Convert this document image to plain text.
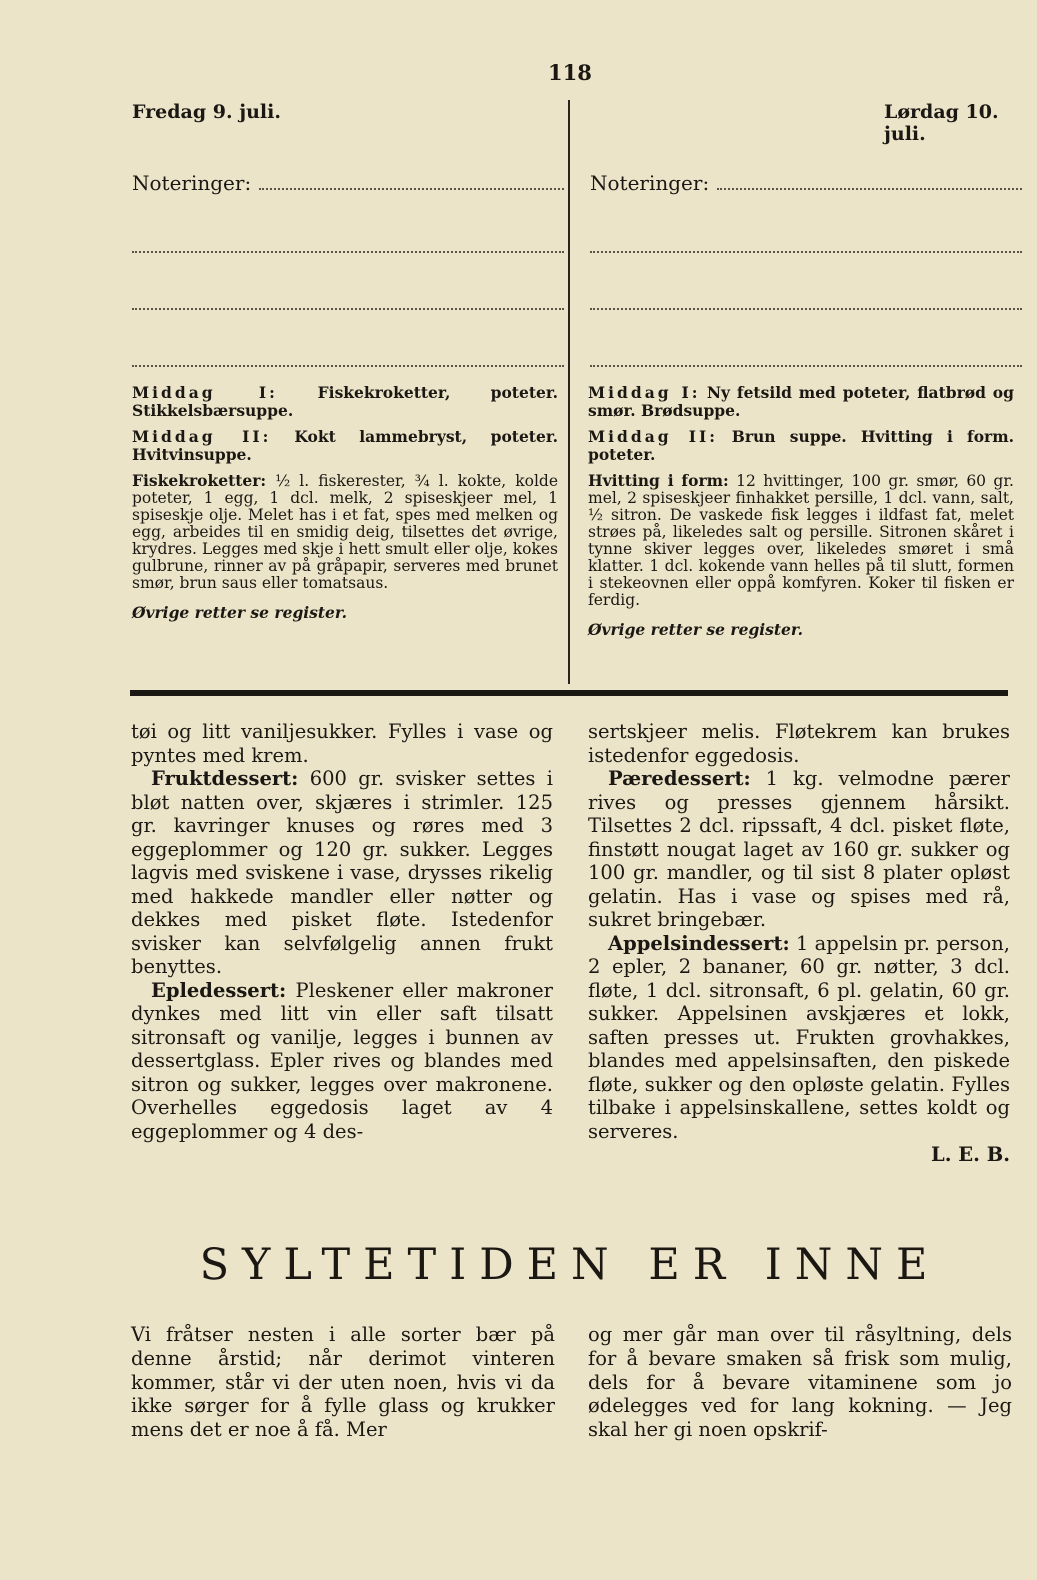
118
Fredag 9. juli.	Lørdag 10. juli.
Noteringer:	Noteringer:

Middag I:	Fiskekroketter, poteter. Stikkelsbærsuppe.

Middag II: Kokt lammebryst, poteter. Hvitvinsuppe.

Fiskekroketter: ½ l. fiskerester, ¾ l. kokte, kolde poteter, 1 egg, 1 dcl. melk, 2 spiseskjeer mel, 1 spiseskje olje. Melet has i et fat, spes med melken og egg, arbeides til en smidig deig, tilsettes det øvrige, krydres. Legges med skje i hett smult eller olje, kokes gulbrune, rinner av på gråpapir, serveres med brunet smør, brun saus eller tomatsaus.

Øvrige retter se register.

Middag I: Ny fetsild med poteter, flatbrød og smør. Brødsuppe.

Middag II: Brun suppe. Hvitting i form. poteter.

Hvitting i form: 12 hvittinger, 100 gr. smør, 60 gr. mel, 2 spiseskjeer finhakket persille, 1 dcl. vann, salt, ½ sitron. De vaskede fisk legges i ildfast fat, melet strøes på, likeledes salt og persille. Sitronen skåret i tynne skiver legges over, likeledes smøret i små klatter. 1 dcl. kokende vann helles på til slutt, formen i stekeovnen eller oppå komfyren. Koker til fisken er ferdig.

Øvrige retter se register.

tøi og litt vaniljesukker. Fylles i vase og pyntes med krem.

Fruktdessert: 600 gr. svisker settes i bløt natten over, skjæres i strimler. 125 gr. kavringer knuses og røres med 3 eggeplommer og 120 gr. sukker. Legges lagvis med sviskene i vase, drysses rikelig med hakkede mandler eller nøtter og dekkes med pisket fløte. Istedenfor svisker kan selvfølgelig annen frukt benyttes.

Epledessert: Pleskener eller makroner dynkes med litt vin eller saft tilsatt sitronsaft og vanilje, legges i bunnen av dessertglass. Epler rives og blandes med sitron og sukker, legges over makronene. Overhelles eggedosis laget av 4 eggeplommer og 4 des-

sertskjeer melis. Fløtekrem kan brukes istedenfor eggedosis.

Pæredessert: 1 kg. velmodne pærer rives og presses gjennem hårsikt. Tilsettes 2 dcl. ripssaft, 4 dcl. pisket fløte, finstøtt nougat laget av 160 gr. sukker og 100 gr. mandler, og til sist 8 plater opløst gelatin. Has i vase og spises med rå, sukret bringebær.

Appelsindessert: 1 appelsin pr. person, 2 epler, 2 bananer, 60 gr. nøtter, 3 dcl. fløte, 1 dcl. sitronsaft, 6 pl. gelatin, 60 gr. sukker. Appelsinen avskjæres et lokk, saften presses ut. Frukten grovhakkes, blandes med appelsinsaften, den piskede fløte, sukker og den opløste gelatin. Fylles tilbake i appelsinskallene, settes koldt og serveres.

L. E. B.

SYLTETIDEN ER INNE
Vi fråtser nesten i alle sorter bær på denne årstid; når derimot vinteren kommer, står vi der uten noen, hvis vi da ikke sørger for å fylle glass og krukker mens det er noe å få. Mer
og mer går man over til råsyltning, dels for å bevare smaken så frisk som mulig, dels for å bevare vitaminene som jo ødelegges ved for lang kokning. — Jeg skal her gi noen opskrif-
